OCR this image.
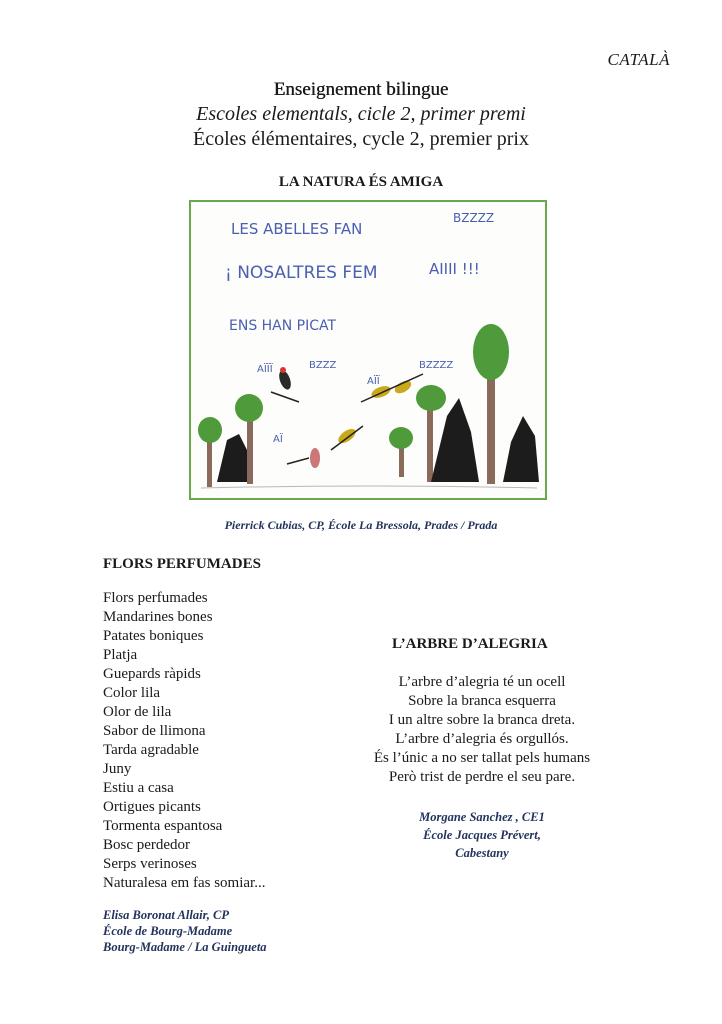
CATALÀ
Enseignement bilingue
Escoles elementals, cicle 2, primer premi
Écoles élémentaires, cycle 2, premier prix
LA NATURA ÉS AMIGA
LES ABELLES FAN
BZZZZ
¡ NOSALTRES FEM	AIIII !!!
ENS HAN PICAT
AÏÏÏ	BZZZ
AÏÏ
BZZZZ
AÏ
Pierrick Cubias, CP, École La Bressola, Prades / Prada
FLORS PERFUMADES
Flors perfumades
Mandarines bones
Patates boniques
Platja
Guepards ràpids
Color lila
Olor de lila
Sabor de llimona
Tarda agradable
Juny
Estiu a casa
Ortigues picants
Tormenta espantosa
Bosc perdedor
Serps verinoses
Naturalesa em fas somiar...
Elisa Boronat Allair, CP
École de Bourg-Madame
Bourg-Madame / La Guingueta
L’ARBRE D’ALEGRIA
L’arbre d’alegria té un ocell
Sobre la branca esquerra
I un altre sobre la branca dreta.
L’arbre d’alegria és orgullós.
És l’únic a no ser tallat pels humans
Però trist de perdre el seu pare.
Morgane Sanchez , CE1
École Jacques Prévert,
Cabestany
